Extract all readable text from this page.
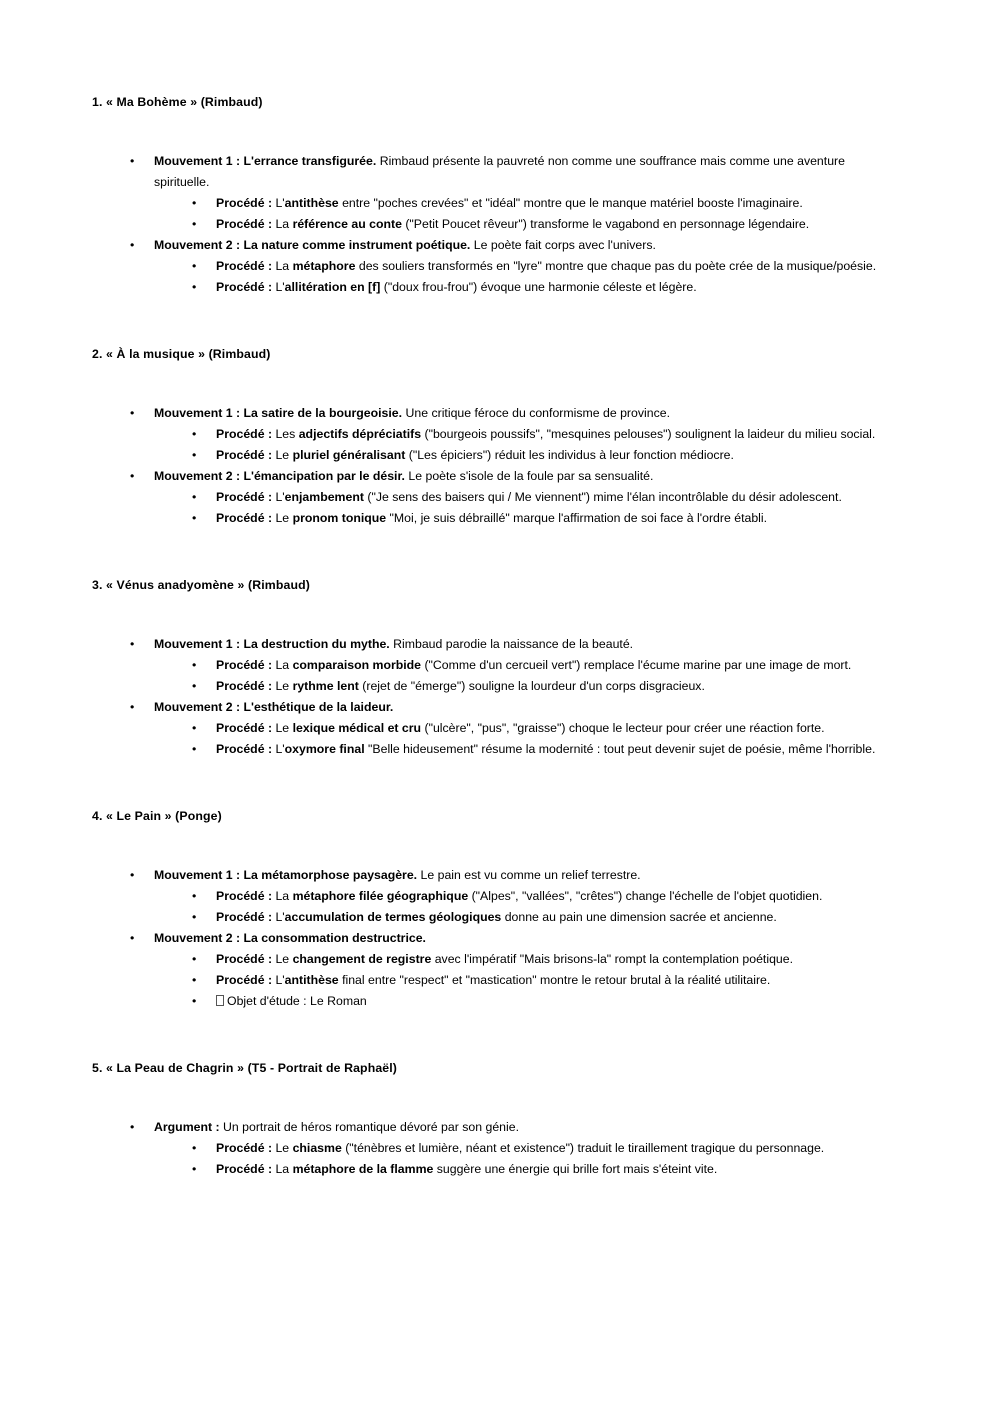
1. « Ma Bohème » (Rimbaud)
• Mouvement 1 : L'errance transfigurée. Rimbaud présente la pauvreté non comme une souffrance mais comme une aventure spirituelle.
• Procédé : L'antithèse entre "poches crevées" et "idéal" montre que le manque matériel booste l'imaginaire.
• Procédé : La référence au conte ("Petit Poucet rêveur") transforme le vagabond en personnage légendaire.
• Mouvement 2 : La nature comme instrument poétique. Le poète fait corps avec l'univers.
• Procédé : La métaphore des souliers transformés en "lyre" montre que chaque pas du poète crée de la musique/poésie.
• Procédé : L'allitération en [f] ("doux frou-frou") évoque une harmonie céleste et légère.
2. « À la musique » (Rimbaud)
• Mouvement 1 : La satire de la bourgeoisie. Une critique féroce du conformisme de province.
• Procédé : Les adjectifs dépréciatifs ("bourgeois poussifs", "mesquines pelouses") soulignent la laideur du milieu social.
• Procédé : Le pluriel généralisant ("Les épiciers") réduit les individus à leur fonction médiocre.
• Mouvement 2 : L'émancipation par le désir. Le poète s'isole de la foule par sa sensualité.
• Procédé : L'enjambement ("Je sens des baisers qui / Me viennent") mime l'élan incontrôlable du désir adolescent.
• Procédé : Le pronom tonique "Moi, je suis débraillé" marque l'affirmation de soi face à l'ordre établi.
3. « Vénus anadyomène » (Rimbaud)
• Mouvement 1 : La destruction du mythe. Rimbaud parodie la naissance de la beauté.
• Procédé : La comparaison morbide ("Comme d'un cercueil vert") remplace l'écume marine par une image de mort.
• Procédé : Le rythme lent (rejet de "émerge") souligne la lourdeur d'un corps disgracieux.
• Mouvement 2 : L'esthétique de la laideur.
• Procédé : Le lexique médical et cru ("ulcère", "pus", "graisse") choque le lecteur pour créer une réaction forte.
• Procédé : L'oxymore final "Belle hideusement" résume la modernité : tout peut devenir sujet de poésie, même l'horrible.
4. « Le Pain » (Ponge)
• Mouvement 1 : La métamorphose paysagère. Le pain est vu comme un relief terrestre.
• Procédé : La métaphore filée géographique ("Alpes", "vallées", "crêtes") change l'échelle de l'objet quotidien.
• Procédé : L'accumulation de termes géologiques donne au pain une dimension sacrée et ancienne.
• Mouvement 2 : La consommation destructrice.
• Procédé : Le changement de registre avec l'impératif "Mais brisons-la" rompt la contemplation poétique.
• Procédé : L'antithèse final entre "respect" et "mastication" montre le retour brutal à la réalité utilitaire.
• Objet d'étude : Le Roman
5. « La Peau de Chagrin » (T5 - Portrait de Raphaël)
• Argument : Un portrait de héros romantique dévoré par son génie.
• Procédé : Le chiasme ("ténèbres et lumière, néant et existence") traduit le tiraillement tragique du personnage.
• Procédé : La métaphore de la flamme suggère une énergie qui brille fort mais s'éteint vite.
